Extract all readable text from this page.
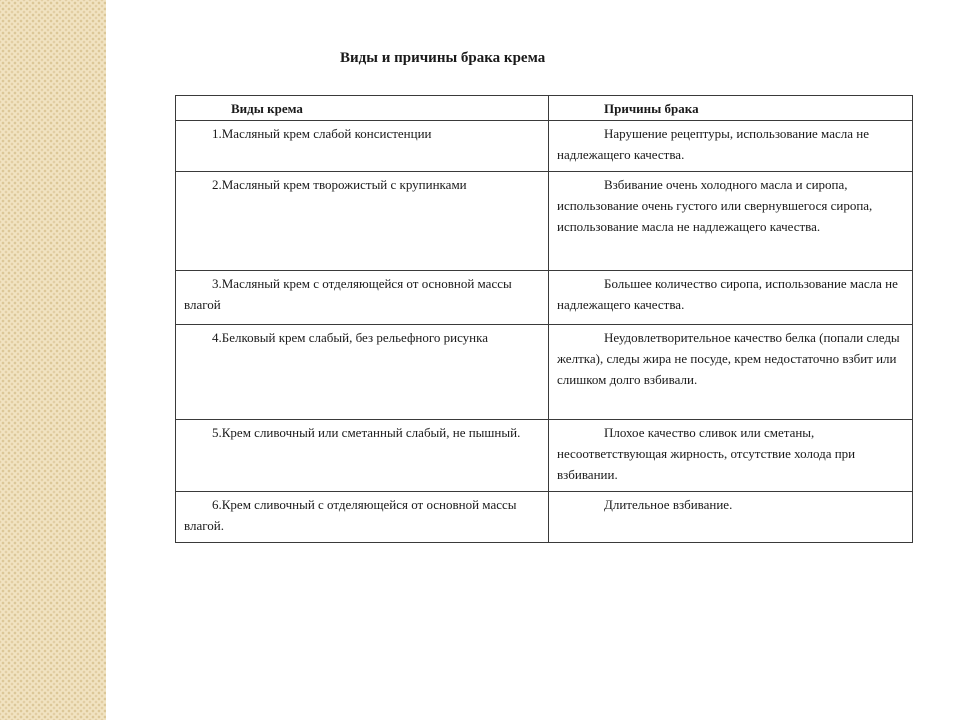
Виды и причины брака крема
Виды крема	Причины брака
1.Масляный крем слабой консистенции	Нарушение рецептуры, использование масла не надлежащего качества.
2.Масляный крем творожистый с крупинками	Взбивание очень холодного масла и сиропа, использование очень густого или свернувшегося сиропа, использование масла не надлежащего качества.
3.Масляный крем с отделяющейся от основной массы влагой	Большее количество сиропа, использование масла не надлежащего качества.
4.Белковый крем слабый, без рельефного рисунка	Неудовлетворительное качество белка (попали следы желтка), следы жира не посуде, крем недостаточно взбит или слишком долго взбивали.
5.Крем сливочный или сметанный слабый, не пышный.	Плохое качество сливок или сметаны, несоответствующая жирность, отсутствие холода при взбивании.
6.Крем сливочный с отделяющейся от основной массы влагой.	Длительное взбивание.
